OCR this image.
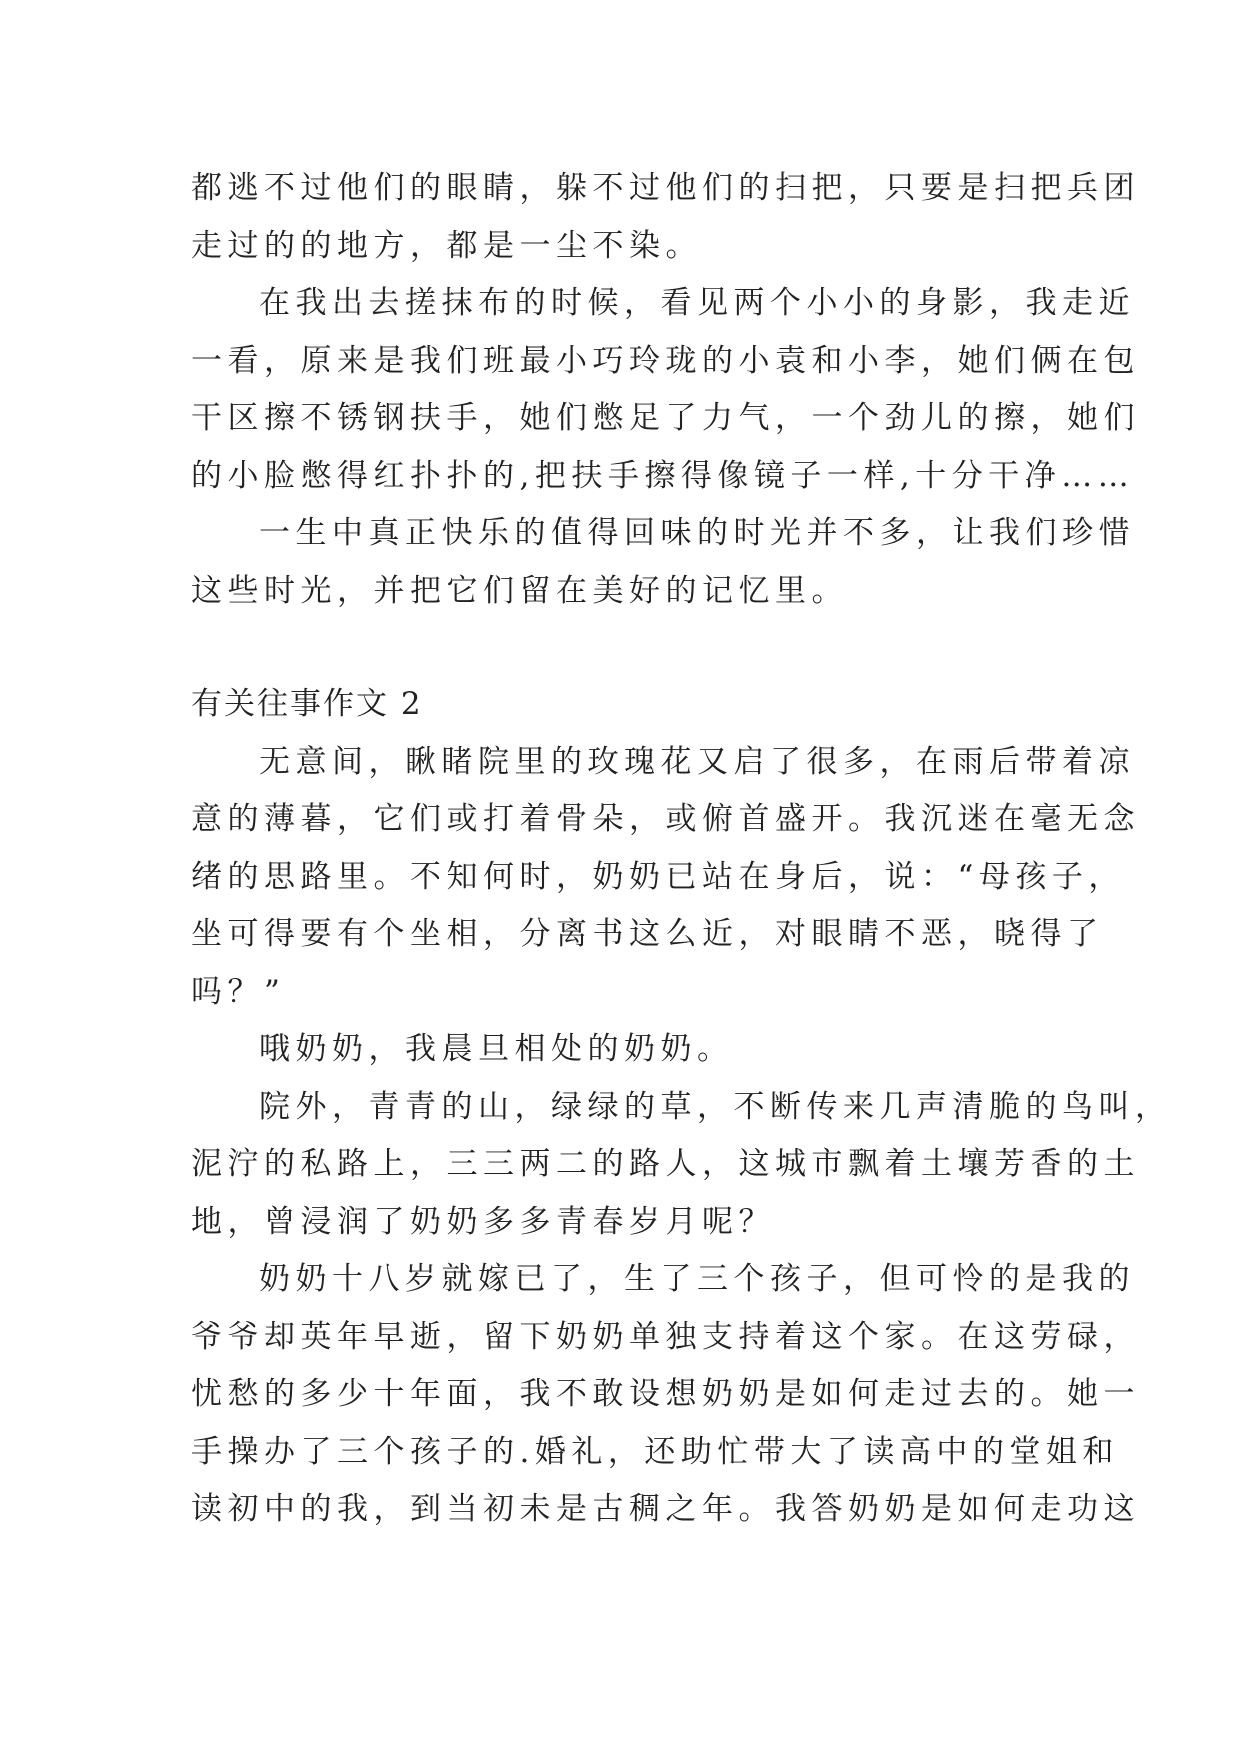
都逃不过他们的眼睛，躲不过他们的扫把，只要是扫把兵团
走过的的地方，都是一尘不染。
在我出去搓抹布的时候，看见两个小小的身影，我走近
一看，原来是我们班最小巧玲珑的小袁和小李，她们俩在包
干区擦不锈钢扶手，她们憋足了力气，一个劲儿的擦，她们
的小脸憋得红扑扑的,把扶手擦得像镜子一样,十分干净……
一生中真正快乐的值得回味的时光并不多，让我们珍惜
这些时光，并把它们留在美好的记忆里。
有关往事作文 2
无意间，瞅睹院里的玫瑰花又启了很多，在雨后带着凉
意的薄暮，它们或打着骨朵，或俯首盛开。我沉迷在毫无念
绪的思路里。不知何时，奶奶已站在身后，说：“母孩子，
坐可得要有个坐相，分离书这么近，对眼睛不恶，晓得了
吗？”
哦奶奶，我晨旦相处的奶奶。
院外，青青的山，绿绿的草，不断传来几声清脆的鸟叫，
泥泞的私路上，三三两二的路人，这城市飘着土壤芳香的土
地，曾浸润了奶奶多多青春岁月呢？
奶奶十八岁就嫁已了，生了三个孩子，但可怜的是我的
爷爷却英年早逝，留下奶奶单独支持着这个家。在这劳碌，
忧愁的多少十年面，我不敢设想奶奶是如何走过去的。她一
手操办了三个孩子的.婚礼，还助忙带大了读高中的堂姐和
读初中的我，到当初未是古稠之年。我答奶奶是如何走功这
